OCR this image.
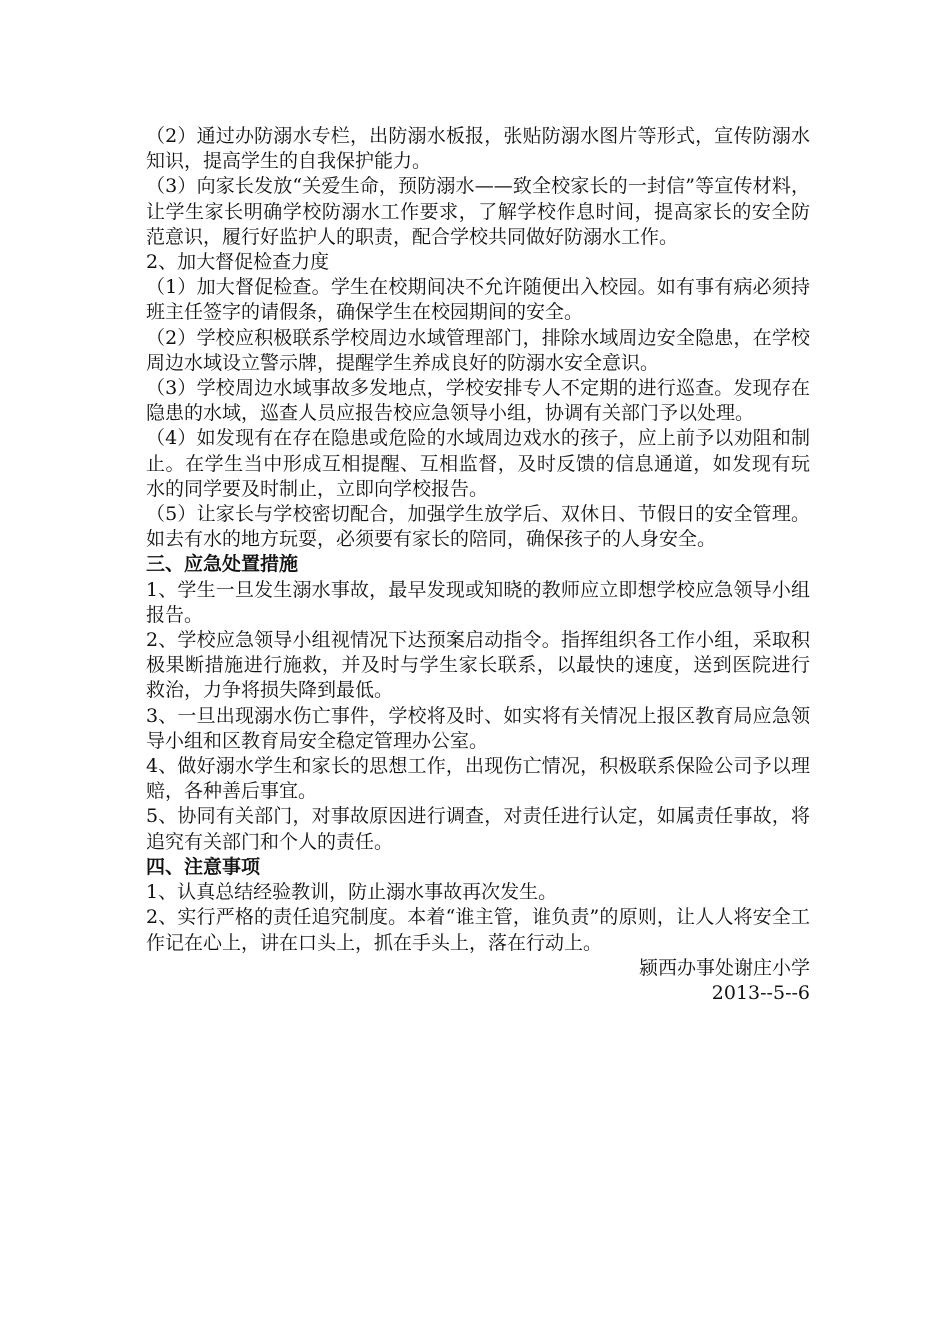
（2）通过办防溺水专栏，出防溺水板报，张贴防溺水图片等形式，宣传防溺水知识，提高学生的自我保护能力。

（3）向家长发放“关爱生命，预防溺水——致全校家长的一封信”等宣传材料，让学生家长明确学校防溺水工作要求，了解学校作息时间，提高家长的安全防范意识，履行好监护人的职责，配合学校共同做好防溺水工作。

2、加大督促检查力度

（1）加大督促检查。学生在校期间决不允许随便出入校园。如有事有病必须持班主任签字的请假条，确保学生在校园期间的安全。

（2）学校应积极联系学校周边水域管理部门，排除水域周边安全隐患，在学校周边水域设立警示牌，提醒学生养成良好的防溺水安全意识。

（3）学校周边水域事故多发地点，学校安排专人不定期的进行巡查。发现存在隐患的水域，巡查人员应报告校应急领导小组，协调有关部门予以处理。

（4）如发现有在存在隐患或危险的水域周边戏水的孩子，应上前予以劝阻和制止。在学生当中形成互相提醒、互相监督，及时反馈的信息通道，如发现有玩水的同学要及时制止，立即向学校报告。

（5）让家长与学校密切配合，加强学生放学后、双休日、节假日的安全管理。如去有水的地方玩耍，必须要有家长的陪同，确保孩子的人身安全。

三、应急处置措施

1、学生一旦发生溺水事故，最早发现或知晓的教师应立即想学校应急领导小组报告。

2、学校应急领导小组视情况下达预案启动指令。指挥组织各工作小组，采取积极果断措施进行施救，并及时与学生家长联系，以最快的速度，送到医院进行救治，力争将损失降到最低。

3、一旦出现溺水伤亡事件，学校将及时、如实将有关情况上报区教育局应急领导小组和区教育局安全稳定管理办公室。

4、做好溺水学生和家长的思想工作，出现伤亡情况，积极联系保险公司予以理赔，各种善后事宜。

5、协同有关部门，对事故原因进行调查，对责任进行认定，如属责任事故，将追究有关部门和个人的责任。

四、注意事项

1、认真总结经验教训，防止溺水事故再次发生。

2、实行严格的责任追究制度。本着“谁主管，谁负责”的原则，让人人将安全工作记在心上，讲在口头上，抓在手头上，落在行动上。

颍西办事处谢庄小学

2013--5--6
